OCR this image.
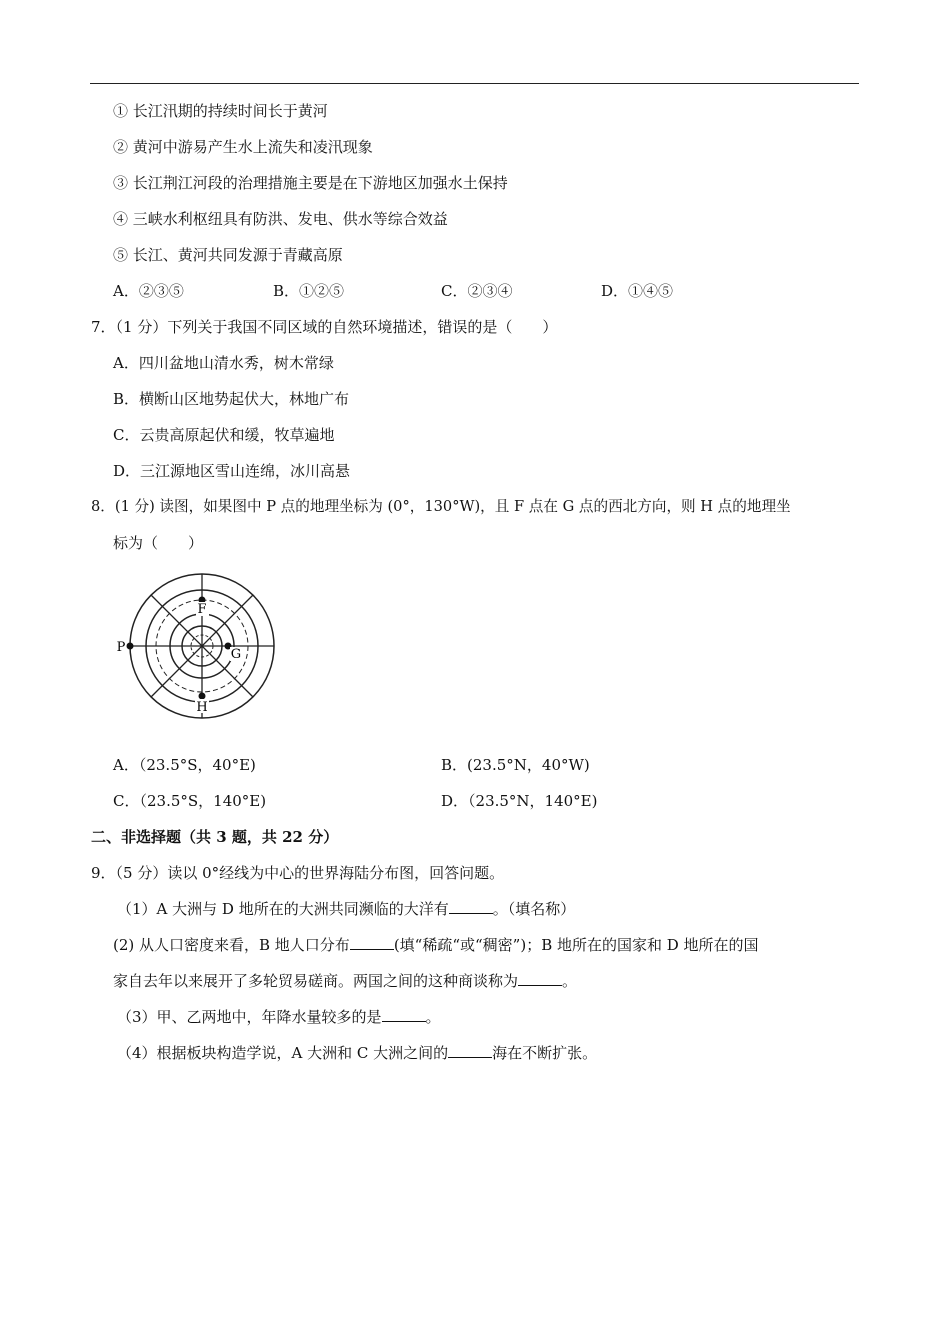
① 长江汛期的持续时间长于黄河
② 黄河中游易产生水上流失和凌汛现象
③ 长江荆江河段的治理措施主要是在下游地区加强水土保持
④ 三峡水利枢纽具有防洪、发电、供水等综合效益
⑤ 长江、黄河共同发源于青藏高原
A．②③⑤	B．①②⑤	C．②③④	D．①④⑤
7．（1 分）下列关于我国不同区域的自然环境描述，错误的是（　　）
A．四川盆地山清水秀，树木常绿
B．横断山区地势起伏大，林地广布
C．云贵高原起伏和缓，牧草遍地
D．三江源地区雪山连绵，冰川高悬
8．(1 分) 读图，如果图中 P 点的地理坐标为 (0°，130°W)，且 F 点在 G 点的西北方向，则 H 点的地理坐
标为（　　）
F
G
P
H
A．（23.5°S，40°E)	B．(23.5°N，40°W)
C．（23.5°S，140°E)	D．（23.5°N，140°E)
二、非选择题（共 3 题，共 22 分）
9．（5 分）读以 0°经线为中心的世界海陆分布图，回答问题。
（1）A 大洲与 D 地所在的大洲共同濒临的大洋有	。（填名称）
(2) 从人口密度来看，B 地人口分布	(填“稀疏“或“稠密”)；B 地所在的国家和 D 地所在的国
家自去年以来展开了多轮贸易磋商。两国之间的这种商谈称为	。
（3）甲、乙两地中，年降水量较多的是	。
（4）根据板块构造学说，A 大洲和 C 大洲之间的	海在不断扩张。
